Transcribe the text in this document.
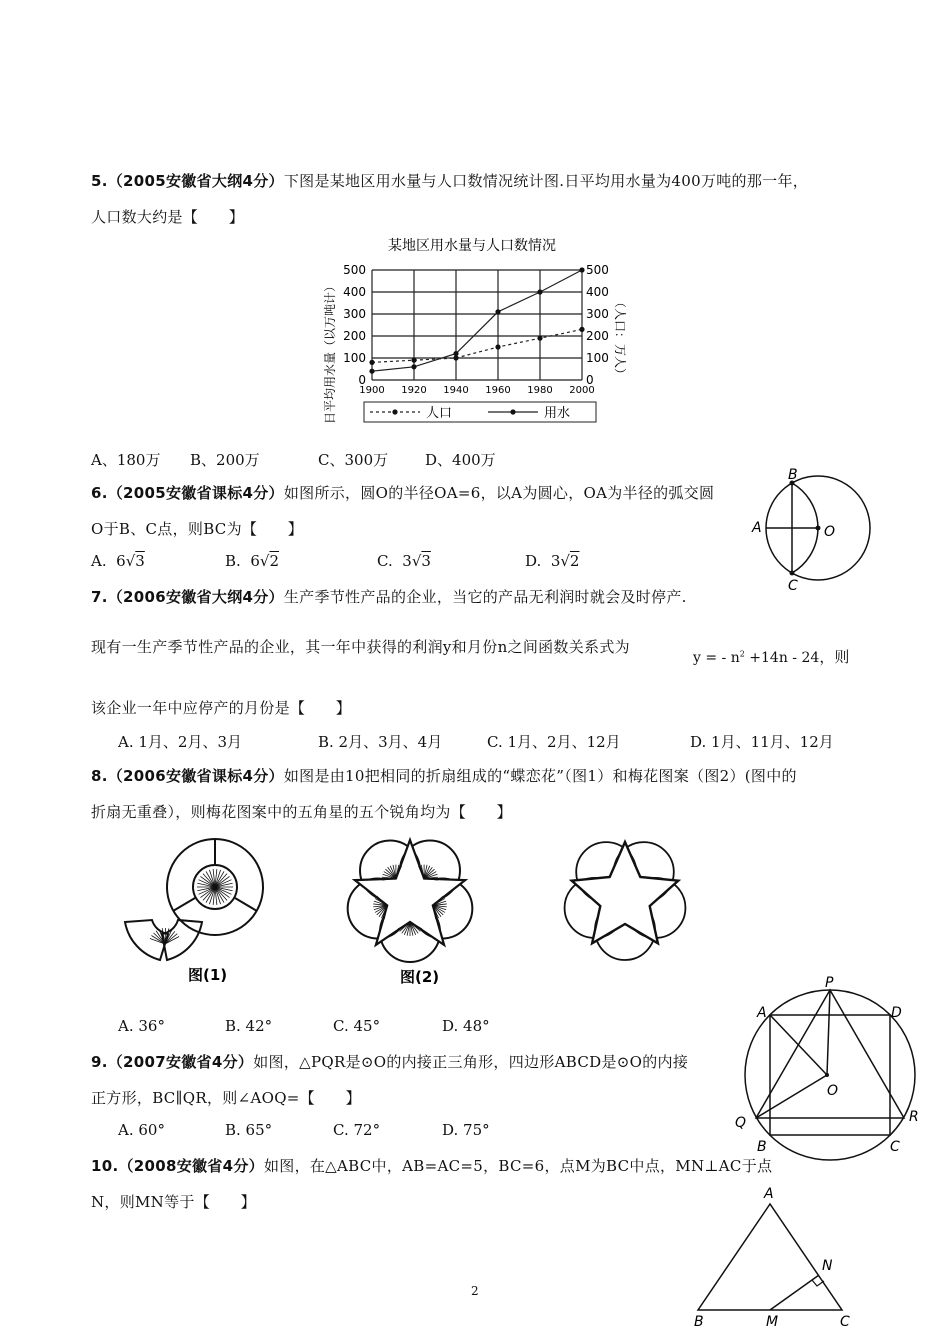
5.（2005安徽省大纲4分）下图是某地区用水量与人口数情况统计图.日平均用水量为400万吨的那一年，
人口数大约是【　　】
某地区用水量与人口数情况
1900 1920 1940 1960 1980 2000
500
400
300
200
100
0
500
400
300
200
100
0
日平均用水量（以万吨计）	（人口：万人）
人口	用水
A、180万 B、200万	C、300万 D、400万
6.（2005安徽省课标4分）如图所示，圆O的半径OA=6，以A为圆心，OA为半径的弧交圆
O于B、C点，则BC为【　　】
A. 6√3	B. 6√2	C. 3√3	D. 3√2
B
A	O
C
7.（2006安徽省大纲4分）生产季节性产品的企业，当它的产品无利润时就会及时停产.
现有一生产季节性产品的企业，其一年中获得的利润y和月份n之间函数关系式为
y = - $n^2 +14n - 24$，则
该企业一年中应停产的月份是【　　】
A. 1月、2月、3月	B. 2月、3月、4月	C. 1月、2月、12月	D. 1月、11月、12月
8.（2006安徽省课标4分）如图是由10把相同的折扇组成的“蝶恋花”（图1）和梅花图案（图2）(图中的
折扇无重叠），则梅花图案中的五角星的五个锐角均为【　　】
图(1)	图(2)
A. 36°	B. 42°	C. 45°	D. 48°
P
A	D
O
Q	R
B	C
9.（2007安徽省4分）如图，△PQR是⊙O的内接正三角形，四边形ABCD是⊙O的内接
正方形，BC∥QR，则∠AOQ=【　　】
A. 60°	B. 65°	C. 72°	D. 75°
10.（2008安徽省4分）如图，在△ABC中，AB=AC=5，BC=6，点M为BC中点，MN⊥AC于点
N，则MN等于【　　】	A
N
B	M	C
2
